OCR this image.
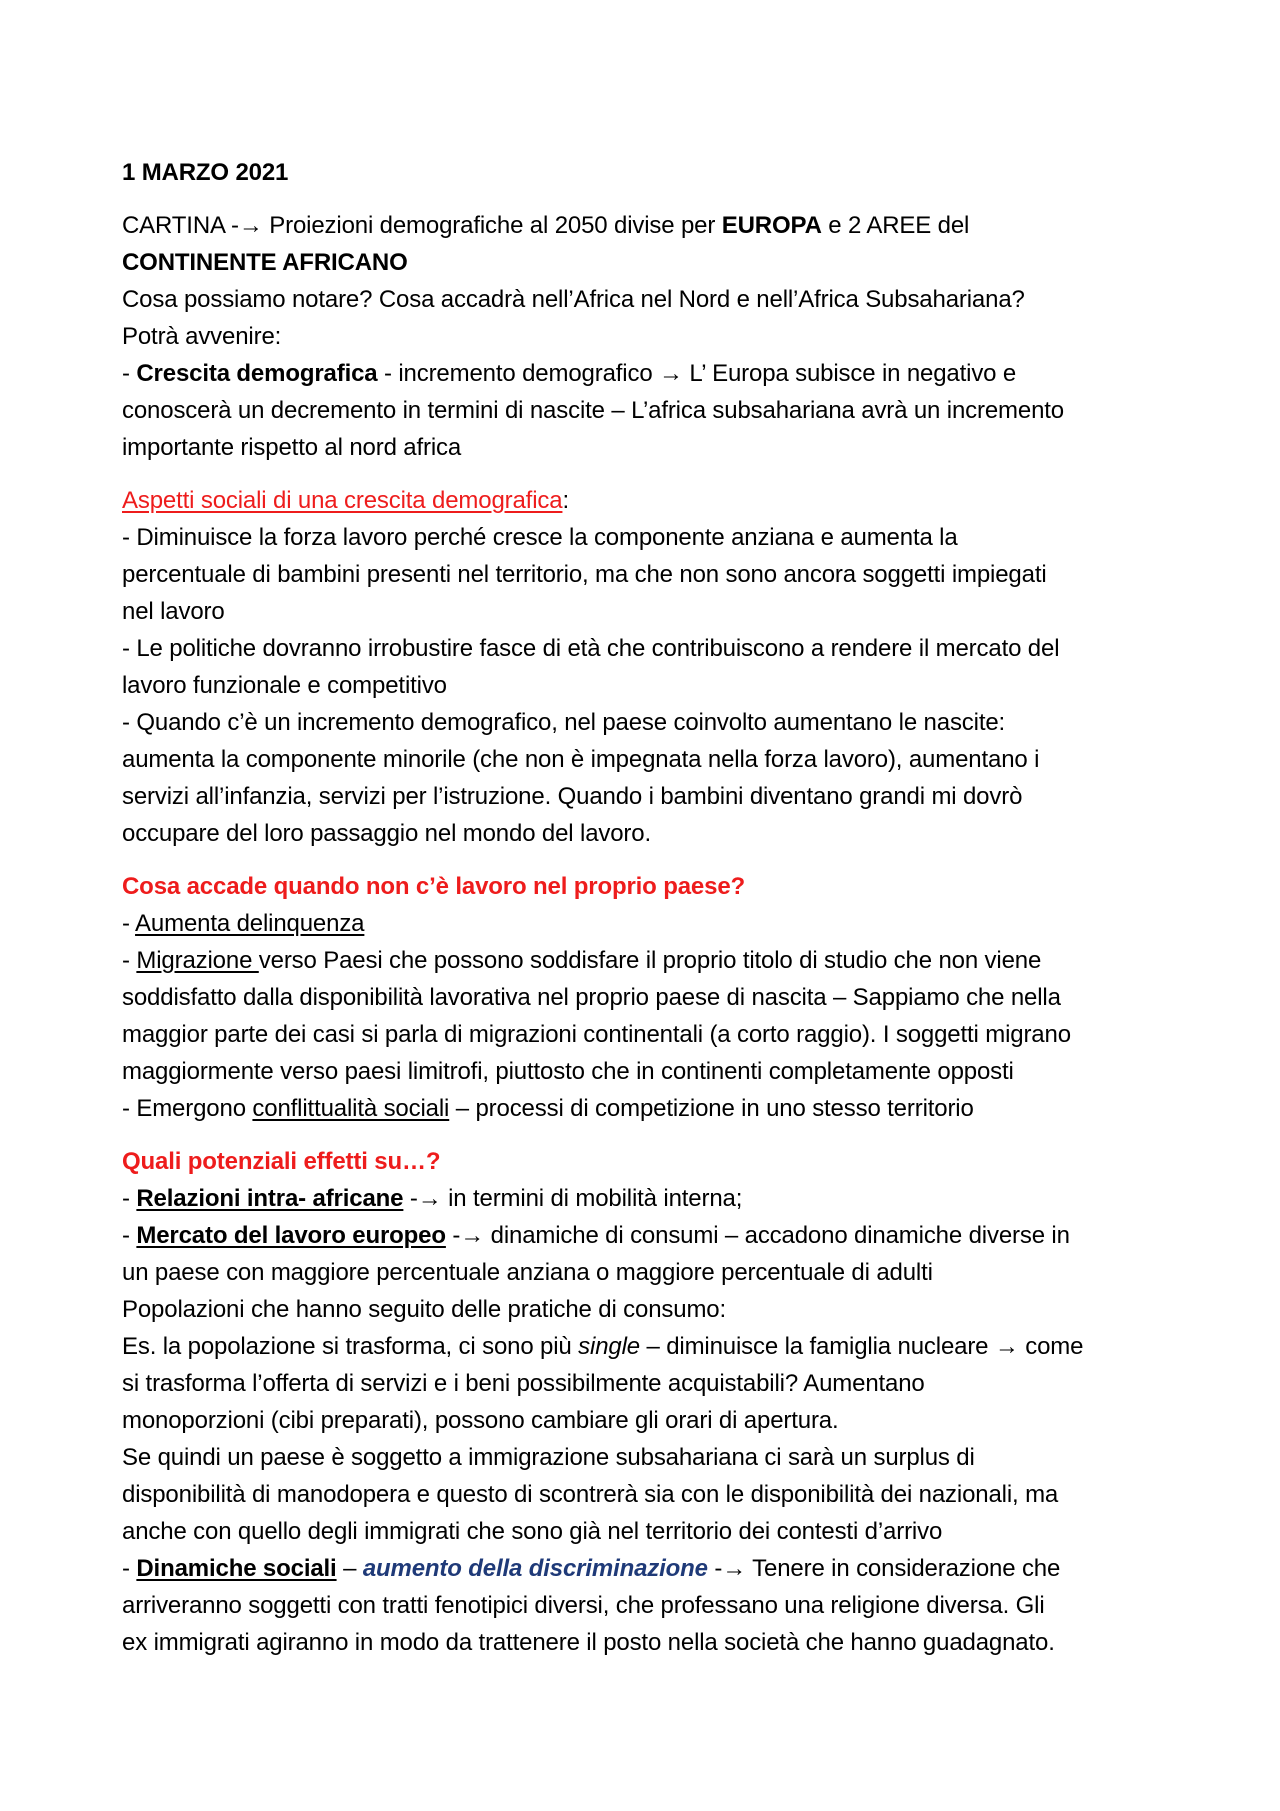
1 MARZO 2021
CARTINA -→ Proiezioni demografiche al 2050 divise per EUROPA e 2 AREE del
CONTINENTE AFRICANO
Cosa possiamo notare? Cosa accadrà nell’Africa nel Nord e nell’Africa Subsahariana?
Potrà avvenire:
- Crescita demografica - incremento demografico → L’ Europa subisce in negativo e
conoscerà un decremento in termini di nascite – L’africa subsahariana avrà un incremento
importante rispetto al nord africa
Aspetti sociali di una crescita demografica:
- Diminuisce la forza lavoro perché cresce la componente anziana e aumenta la
percentuale di bambini presenti nel territorio, ma che non sono ancora soggetti impiegati
nel lavoro
- Le politiche dovranno irrobustire fasce di età che contribuiscono a rendere il mercato del
lavoro funzionale e competitivo
- Quando c’è un incremento demografico, nel paese coinvolto aumentano le nascite:
aumenta la componente minorile (che non è impegnata nella forza lavoro), aumentano i
servizi all’infanzia, servizi per l’istruzione. Quando i bambini diventano grandi mi dovrò
occupare del loro passaggio nel mondo del lavoro.
Cosa accade quando non c’è lavoro nel proprio paese?
- Aumenta delinquenza
- Migrazione verso Paesi che possono soddisfare il proprio titolo di studio che non viene
soddisfatto dalla disponibilità lavorativa nel proprio paese di nascita – Sappiamo che nella
maggior parte dei casi si parla di migrazioni continentali (a corto raggio). I soggetti migrano
maggiormente verso paesi limitrofi, piuttosto che in continenti completamente opposti
- Emergono conflittualità sociali – processi di competizione in uno stesso territorio
Quali potenziali effetti su…?
- Relazioni intra- africane -→ in termini di mobilità interna;
- Mercato del lavoro europeo -→ dinamiche di consumi – accadono dinamiche diverse in
un paese con maggiore percentuale anziana o maggiore percentuale di adulti
Popolazioni che hanno seguito delle pratiche di consumo:
Es. la popolazione si trasforma, ci sono più single – diminuisce la famiglia nucleare → come
si trasforma l’offerta di servizi e i beni possibilmente acquistabili? Aumentano
monoporzioni (cibi preparati), possono cambiare gli orari di apertura.
Se quindi un paese è soggetto a immigrazione subsahariana ci sarà un surplus di
disponibilità di manodopera e questo di scontrerà sia con le disponibilità dei nazionali, ma
anche con quello degli immigrati che sono già nel territorio dei contesti d’arrivo
- Dinamiche sociali – aumento della discriminazione -→ Tenere in considerazione che
arriveranno soggetti con tratti fenotipici diversi, che professano una religione diversa. Gli
ex immigrati agiranno in modo da trattenere il posto nella società che hanno guadagnato.
